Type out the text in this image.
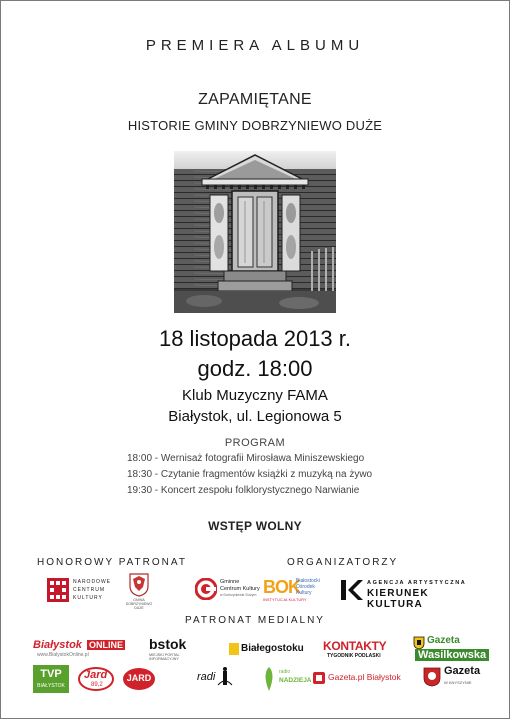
PREMIERA ALBUMU
ZAPAMIĘTANE
HISTORIE GMINY DOBRZYNIEWO DUŻE
18 listopada 2013 r.
godz. 18:00
Klub Muzyczny FAMA
Białystok, ul. Legionowa 5
PROGRAM
18:00 - Wernisaż fotografii Mirosława Miniszewskiego
18:30 - Czytanie fragmentów książki z muzyką na żywo
19:30 - Koncert zespołu folklorystycznego Narwianie
WSTĘP WOLNY
HONOROWY PATRONAT	ORGANIZATORZY
NARODOWE
CENTRUM
KULTURY	GMINA DOBRZYNIEWO DUŻE
Gminne
Centrum Kultury
w Dobrzyniewie Dużym BOK
Białostocki
Ośrodek
Kultury
INSTYTUCJA KULTURY
AGENCJA ARTYSTYCZNA
KIERUNEK KULTURA
PATRONAT MEDIALNY
Białystok ONLINE
www.BialystokOnline.pl
bstok
MIEJSKI PORTAL INFORMACYJNY
Białegostoku KONTAKTY
TYGODNIK PODLASKI
Gazeta
Wasilkowska
TVP
BIAŁYSTOK
Jard
89,2
JARD	radi	radio
NADZIEJA Gazeta.pl Białystok	Gazeta
W KNYSZYNIE
